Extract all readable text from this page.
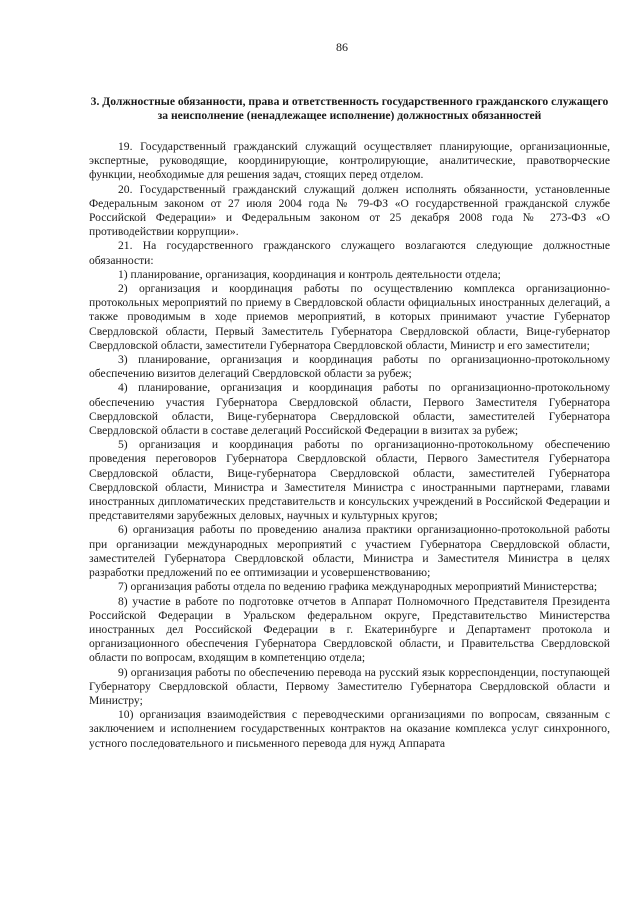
86
3. Должностные обязанности, права и ответственность государственного гражданского служащего за неисполнение (ненадлежащее исполнение) должностных обязанностей

19. Государственный гражданский служащий осуществляет планирующие, организационные, экспертные, руководящие, координирующие, контролирующие, аналитические, правотворческие функции, необходимые для решения задач, стоящих перед отделом.

20. Государственный гражданский служащий должен исполнять обязанности, установленные Федеральным законом от 27 июля 2004 года № 79-ФЗ «О государственной гражданской службе Российской Федерации» и Федеральным законом от 25 декабря 2008 года № 273-ФЗ «О противодействии коррупции».

21. На государственного гражданского служащего возлагаются следующие должностные обязанности:

1) планирование, организация, координация и контроль деятельности отдела;

2) организация и координация работы по осуществлению комплекса организационно-протокольных мероприятий по приему в Свердловской области официальных иностранных делегаций, а также проводимым в ходе приемов мероприятий, в которых принимают участие Губернатор Свердловской области, Первый Заместитель Губернатора Свердловской области, Вице-губернатор Свердловской области, заместители Губернатора Свердловской области, Министр и его заместители;

3) планирование, организация и координация работы по организационно-протокольному обеспечению визитов делегаций Свердловской области за рубеж;

4) планирование, организация и координация работы по организационно-протокольному обеспечению участия Губернатора Свердловской области, Первого Заместителя Губернатора Свердловской области, Вице-губернатора Свердловской области, заместителей Губернатора Свердловской области в составе делегаций Российской Федерации в визитах за рубеж;

5) организация и координация работы по организационно-протокольному обеспечению проведения переговоров Губернатора Свердловской области, Первого Заместителя Губернатора Свердловской области, Вице-губернатора Свердловской области, заместителей Губернатора Свердловской области, Министра и Заместителя Министра с иностранными партнерами, главами иностранных дипломатических представительств и консульских учреждений в Российской Федерации и представителями зарубежных деловых, научных и культурных кругов;

6) организация работы по проведению анализа практики организационно-протокольной работы при организации международных мероприятий с участием Губернатора Свердловской области, заместителей Губернатора Свердловской области, Министра и Заместителя Министра в целях разработки предложений по ее оптимизации и усовершенствованию;

7) организация работы отдела по ведению графика международных мероприятий Министерства;

8) участие в работе по подготовке отчетов в Аппарат Полномочного Представителя Президента Российской Федерации в Уральском федеральном округе, Представительство Министерства иностранных дел Российской Федерации в г. Екатеринбурге и Департамент протокола и организационного обеспечения Губернатора Свердловской области, и Правительства Свердловской области по вопросам, входящим в компетенцию отдела;

9) организация работы по обеспечению перевода на русский язык корреспонденции, поступающей Губернатору Свердловской области, Первому Заместителю Губернатора Свердловской области и Министру;

10) организация взаимодействия с переводческими организациями по вопросам, связанным с заключением и исполнением государственных контрактов на оказание комплекса услуг синхронного, устного последовательного и письменного перевода для нужд Аппарата
